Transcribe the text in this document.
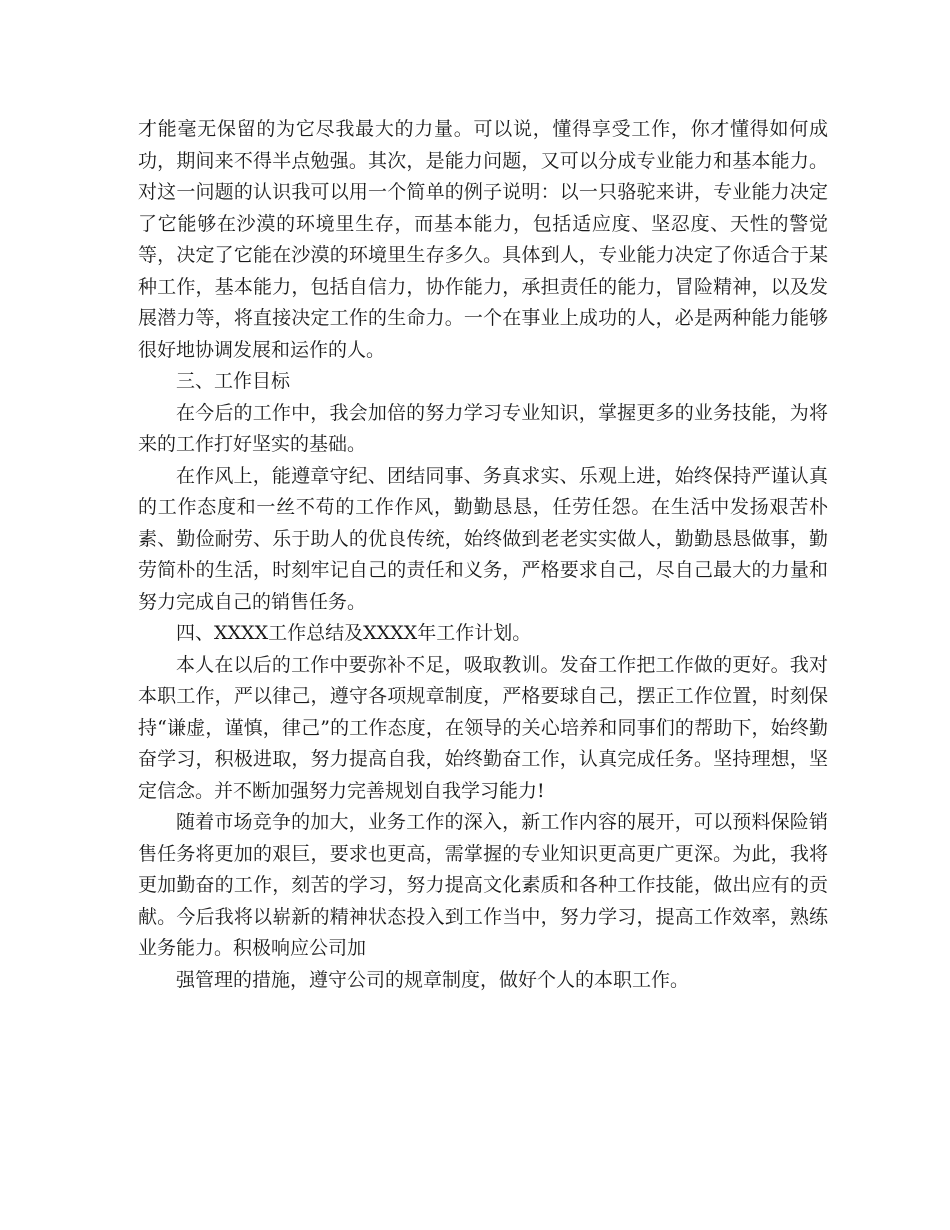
才能毫无保留的为它尽我最大的力量。可以说，懂得享受工作，你才懂得如何成功，期间来不得半点勉强。其次，是能力问题，又可以分成专业能力和基本能力。对这一问题的认识我可以用一个简单的例子说明：以一只骆驼来讲，专业能力决定了它能够在沙漠的环境里生存，而基本能力，包括适应度、坚忍度、天性的警觉等，决定了它能在沙漠的环境里生存多久。具体到人，专业能力决定了你适合于某种工作，基本能力，包括自信力，协作能力，承担责任的能力，冒险精神，以及发展潜力等，将直接决定工作的生命力。一个在事业上成功的人，必是两种能力能够很好地协调发展和运作的人。

三、工作目标

在今后的工作中，我会加倍的努力学习专业知识，掌握更多的业务技能，为将来的工作打好坚实的基础。

在作风上，能遵章守纪、团结同事、务真求实、乐观上进，始终保持严谨认真的工作态度和一丝不苟的工作作风，勤勤恳恳，任劳任怨。在生活中发扬艰苦朴素、勤俭耐劳、乐于助人的优良传统，始终做到老老实实做人，勤勤恳恳做事，勤劳简朴的生活，时刻牢记自己的责任和义务，严格要求自己，尽自己最大的力量和努力完成自己的销售任务。

四、XXXX工作总结及XXXX年工作计划。

本人在以后的工作中要弥补不足，吸取教训。发奋工作把工作做的更好。我对本职工作，严以律己，遵守各项规章制度，严格要球自己，摆正工作位置，时刻保持“谦虚，谨慎，律己”的工作态度，在领导的关心培养和同事们的帮助下，始终勤奋学习，积极进取，努力提高自我，始终勤奋工作，认真完成任务。坚持理想，坚定信念。并不断加强努力完善规划自我学习能力!

随着市场竞争的加大，业务工作的深入，新工作内容的展开，可以预料保险销售任务将更加的艰巨，要求也更高，需掌握的专业知识更高更广更深。为此，我将更加勤奋的工作，刻苦的学习，努力提高文化素质和各种工作技能，做出应有的贡献。今后我将以崭新的精神状态投入到工作当中，努力学习，提高工作效率，熟练业务能力。积极响应公司加

强管理的措施，遵守公司的规章制度，做好个人的本职工作。
